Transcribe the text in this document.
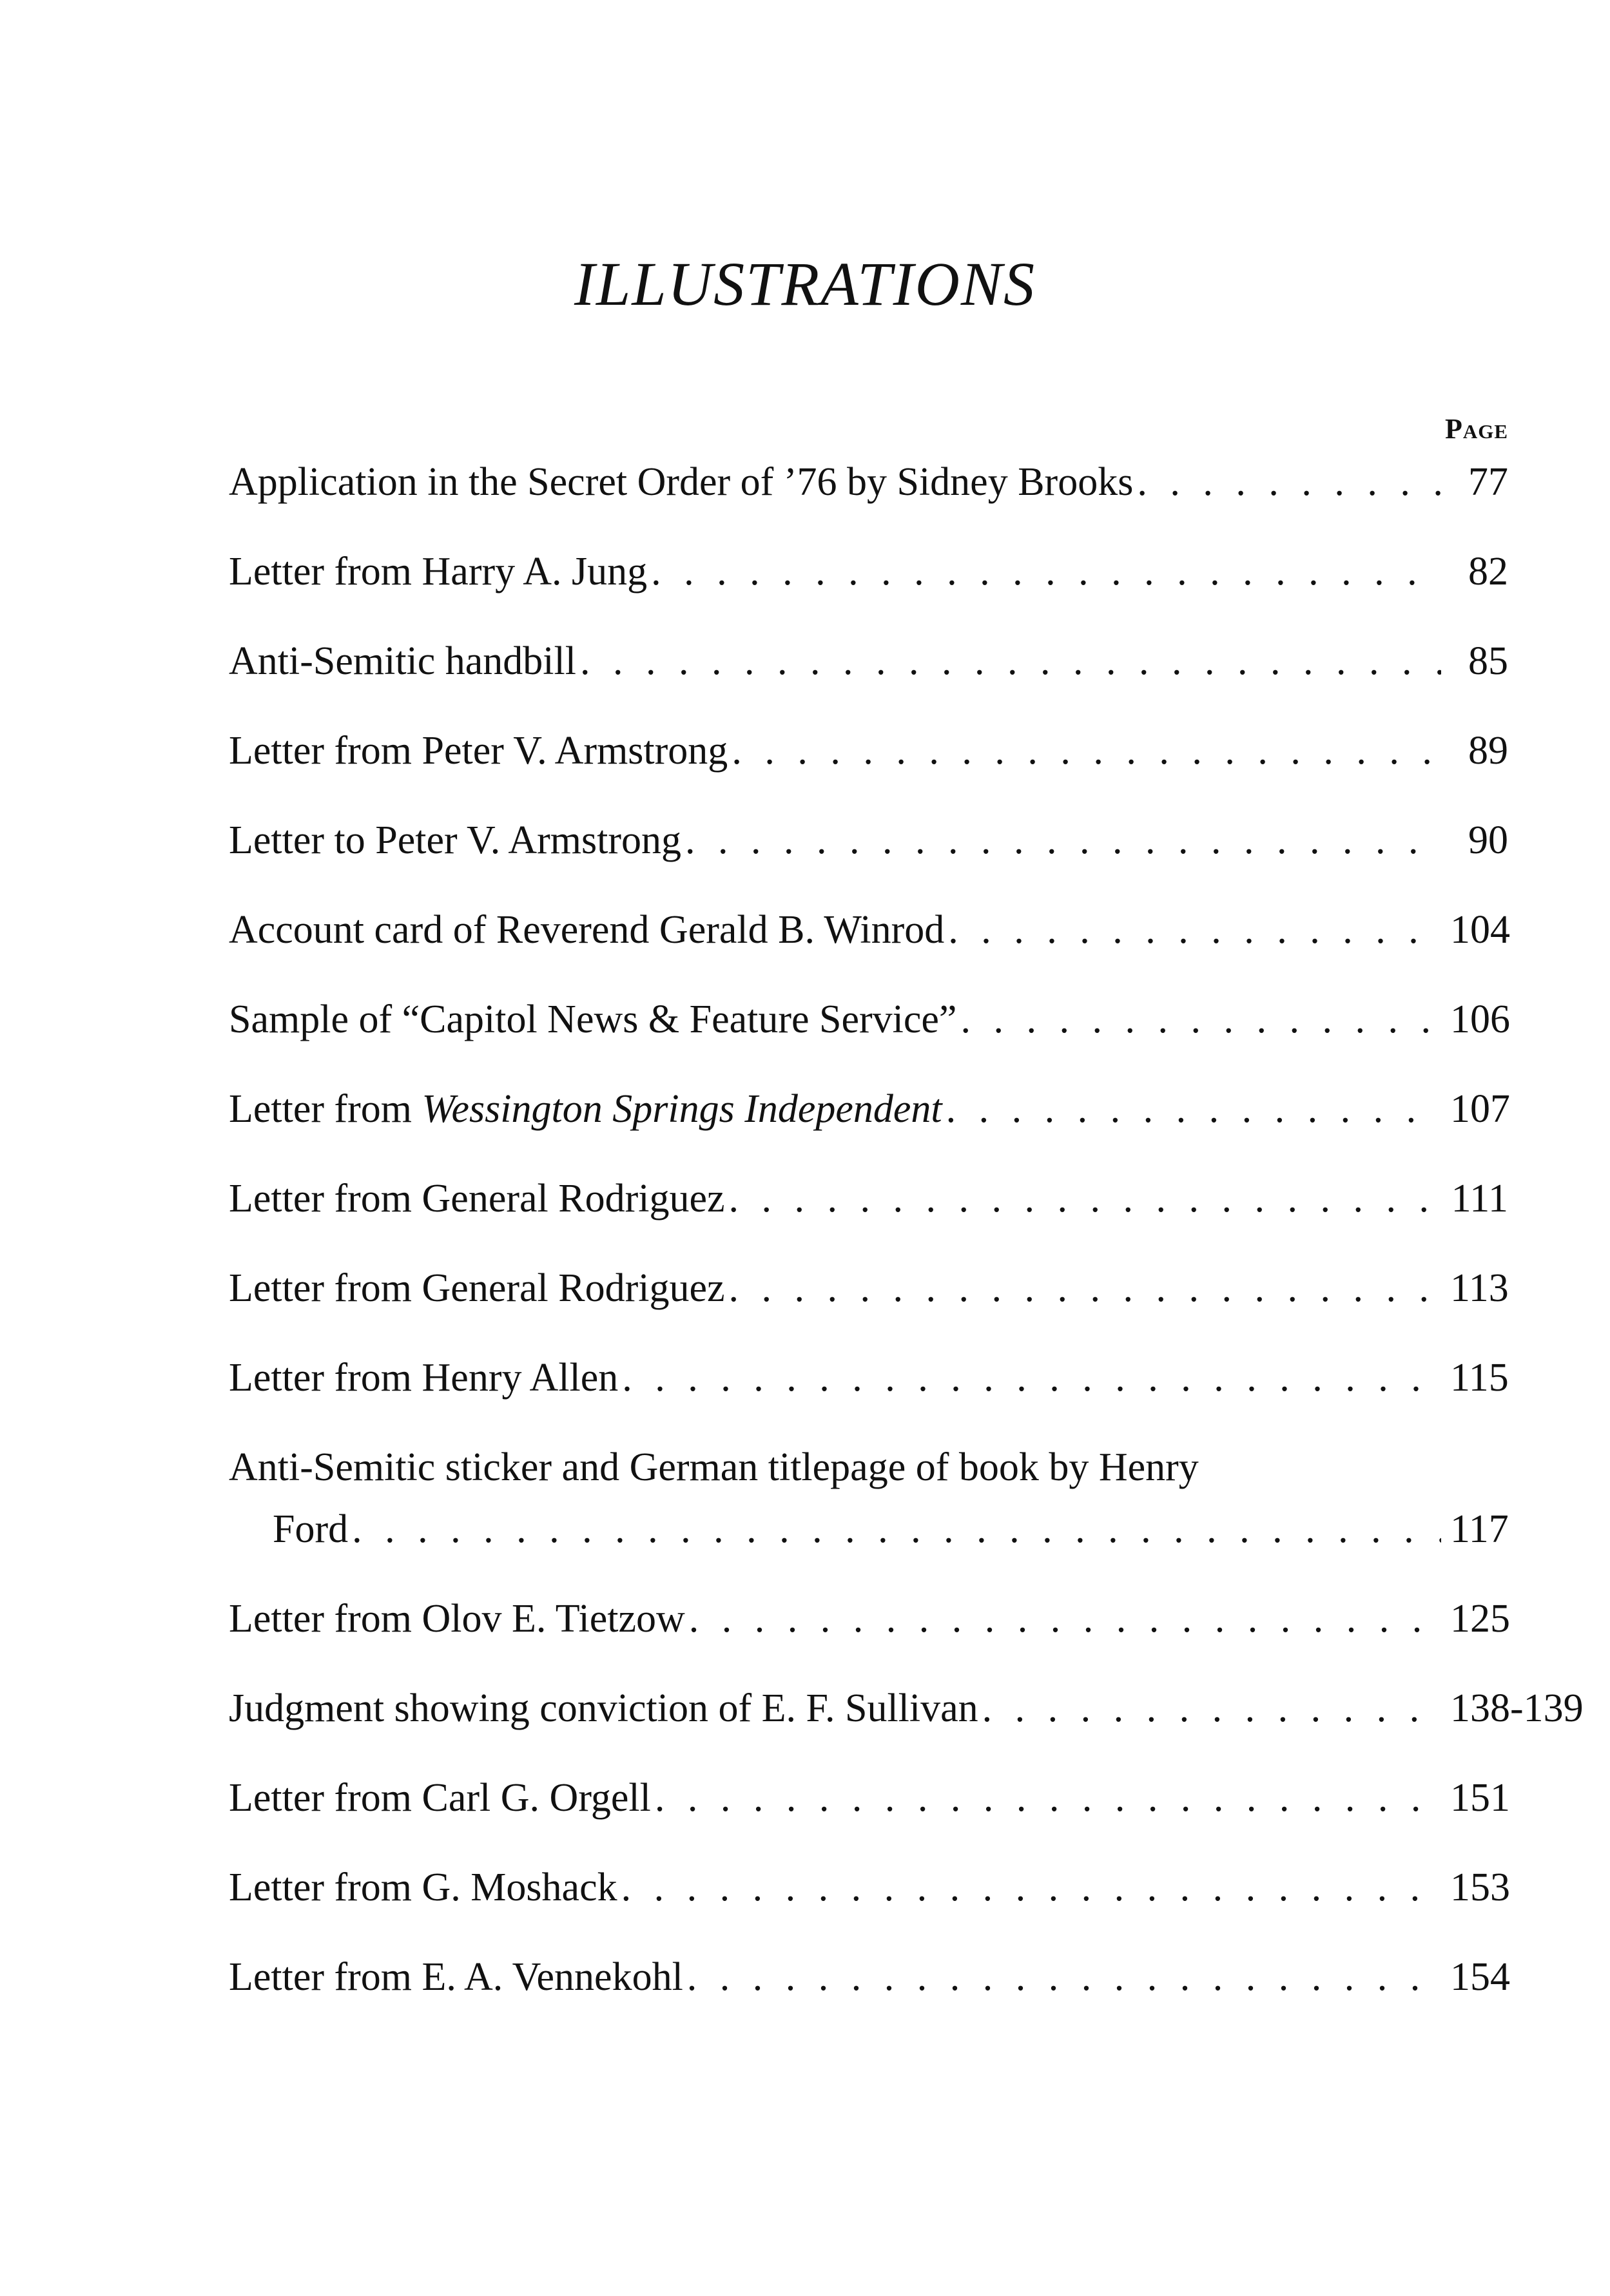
ILLUSTRATIONS
Page
Application in the Secret Order of ’76 by Sidney Brooks . . .	77
Letter from Harry A. Jung . . .	82
Anti-Semitic handbill . . .	85
Letter from Peter V. Armstrong . . .	89
Letter to Peter V. Armstrong . . .	90
Account card of Reverend Gerald B. Winrod . . .	104
Sample of “Capitol News & Feature Service” . . .	106
Letter from Wessington Springs Independent . . .	107
Letter from General Rodriguez . . .	111
Letter from General Rodriguez . . .	113
Letter from Henry Allen . . .	115
Anti-Semitic sticker and German titlepage of book by Henry
Ford . . .	117
Letter from Olov E. Tietzow . . .	125
Judgment showing conviction of E. F. Sullivan . . .	138-139
Letter from Carl G. Orgell . . .	151
Letter from G. Moshack . . .	153
Letter from E. A. Vennekohl . . .	154
